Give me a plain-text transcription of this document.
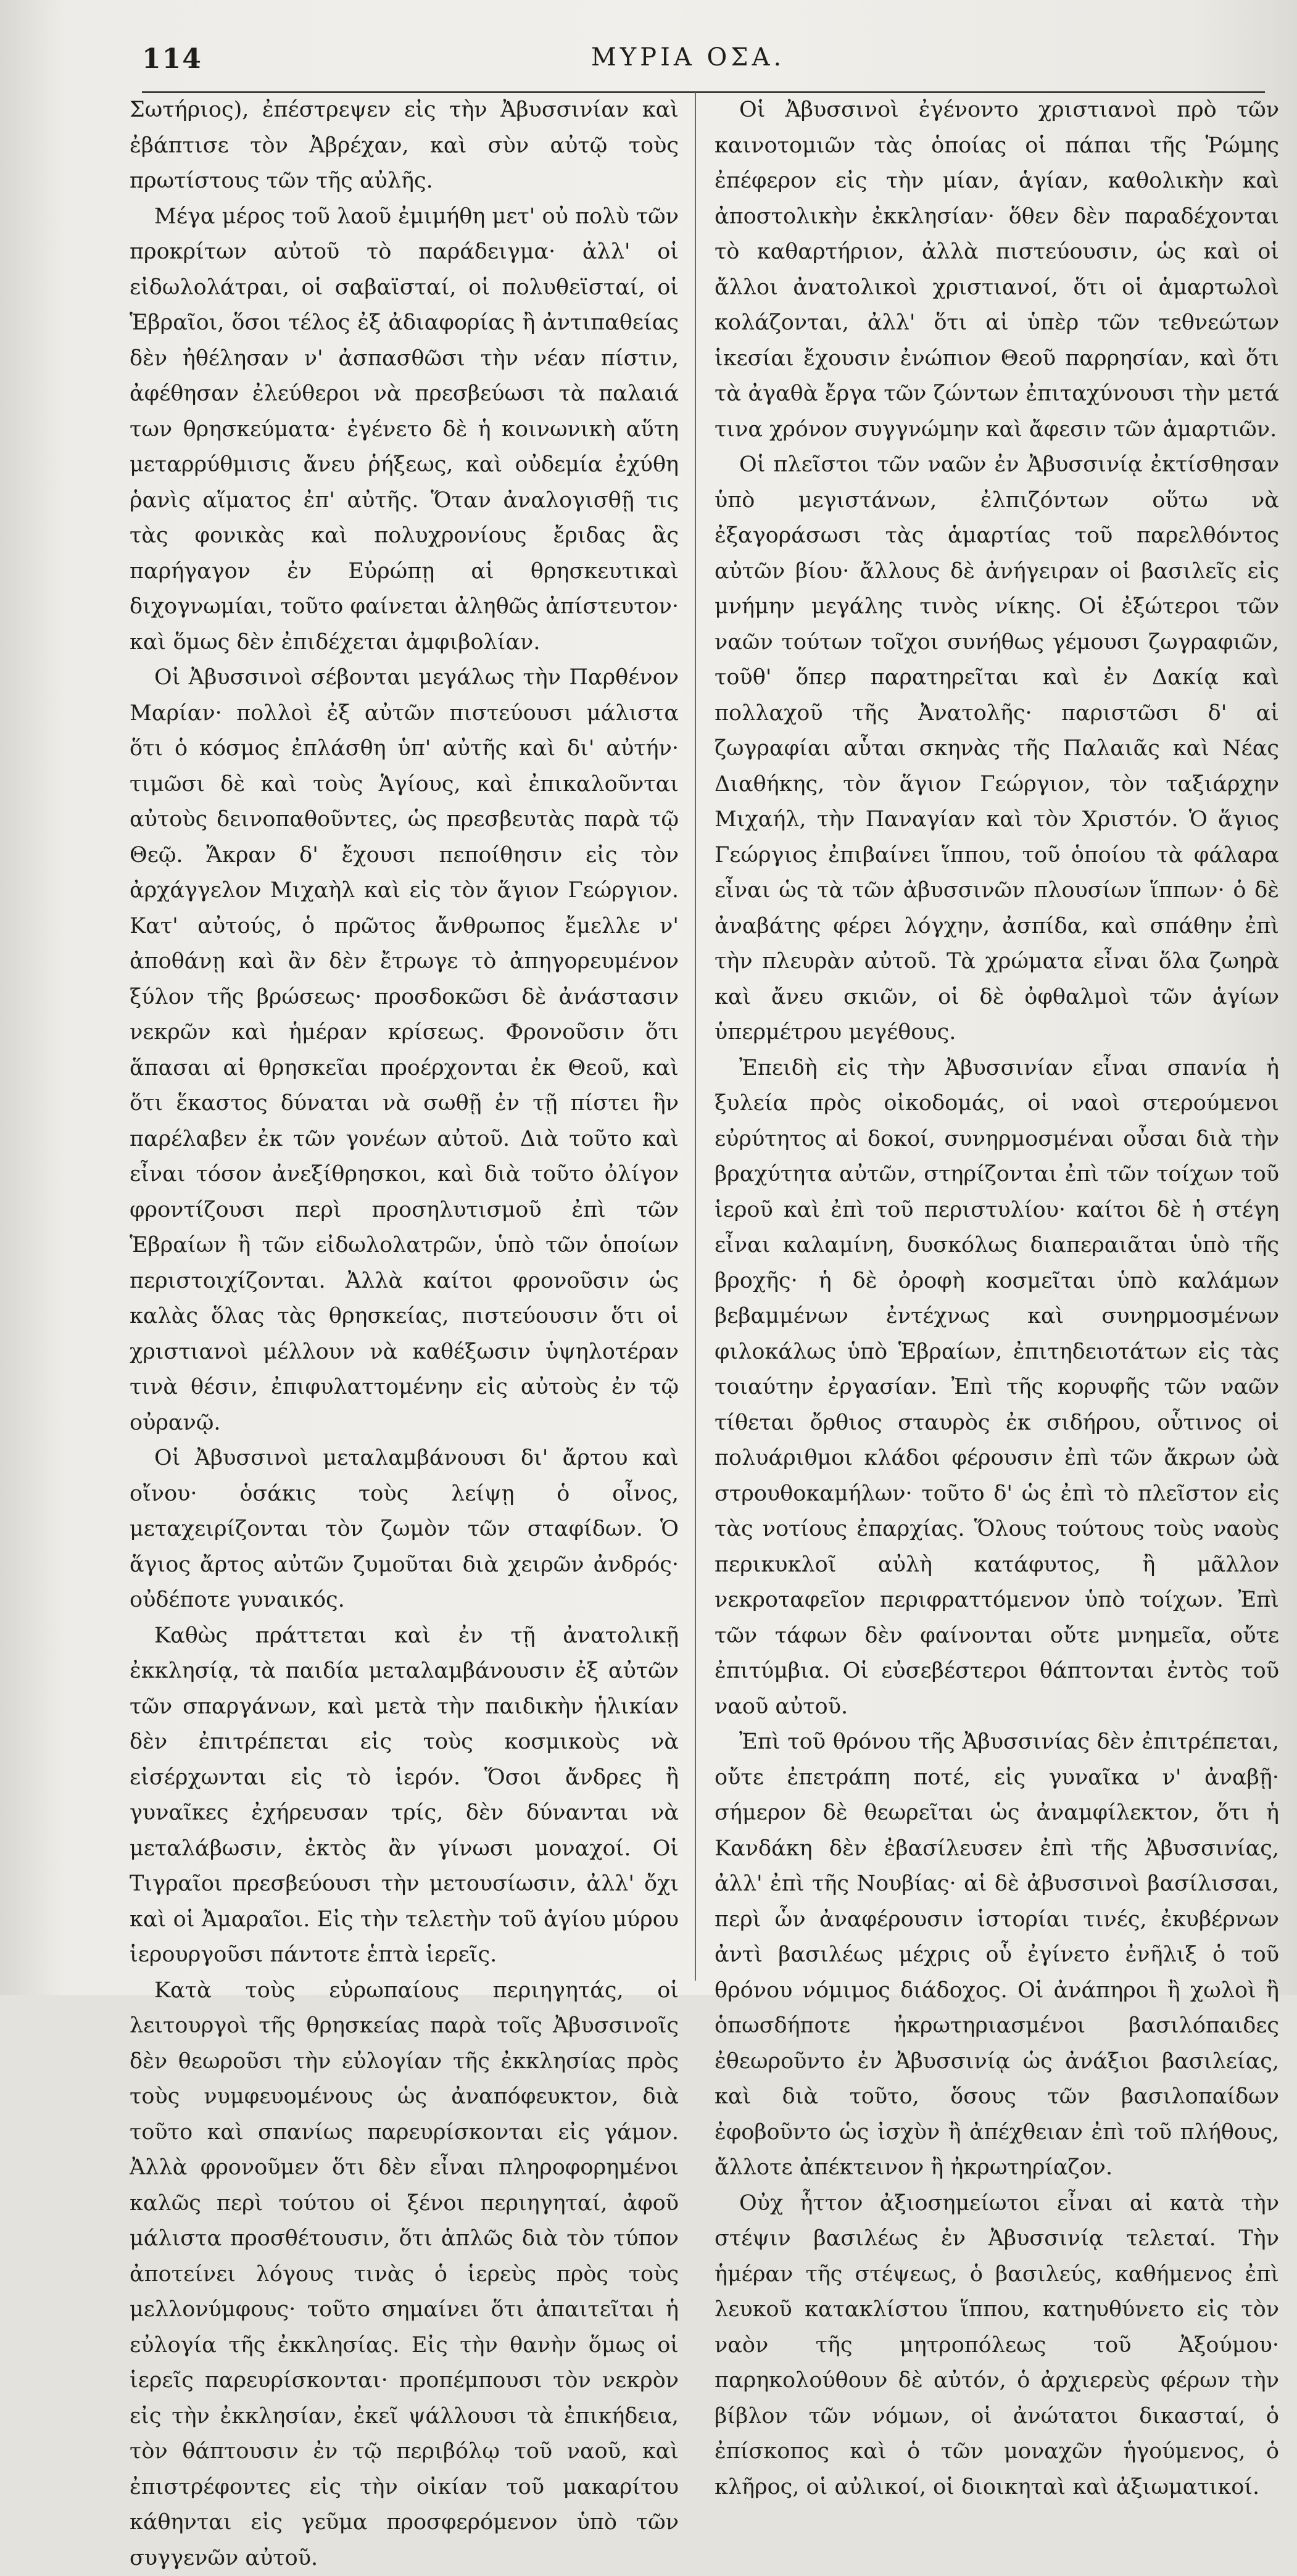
114	ΜΥΡΙΑ ΟΣΑ.

Σωτήριος), ἐπέστρεψεν εἰς τὴν Ἀβυσσινίαν καὶ ἐβάπτισε τὸν Ἀβρέχαν, καὶ σὺν αὐτῷ τοὺς πρωτίστους τῶν τῆς αὐλῆς.

Μέγα μέρος τοῦ λαοῦ ἐμιμήθη μετ' οὐ πολὺ τῶν προκρίτων αὐτοῦ τὸ παράδειγμα· ἀλλ' οἱ εἰδωλολάτραι, οἱ σαβαϊσταί, οἱ πολυθεϊσταί, οἱ Ἑβραῖοι, ὅσοι τέλος ἐξ ἀδιαφορίας ἢ ἀντιπαθείας δὲν ἠθέλησαν ν' ἀσπασθῶσι τὴν νέαν πίστιν, ἀφέθησαν ἐλεύθεροι νὰ πρεσβεύωσι τὰ παλαιά των θρησκεύματα· ἐγένετο δὲ ἡ κοινωνικὴ αὕτη μεταρρύθμισις ἄνευ ῥήξεως, καὶ οὐδεμία ἐχύθη ῥανὶς αἵματος ἐπ' αὐτῆς. Ὅταν ἀναλογισθῇ τις τὰς φονικὰς καὶ πολυχρονίους ἔριδας ἃς παρήγαγον ἐν Εὐρώπῃ αἱ θρησκευτικαὶ διχογνωμίαι, τοῦτο φαίνεται ἀληθῶς ἀπίστευτον· καὶ ὅμως δὲν ἐπιδέχεται ἀμφιβολίαν.

Οἱ Ἀβυσσινοὶ σέβονται μεγάλως τὴν Παρθένον Μαρίαν· πολλοὶ ἐξ αὐτῶν πιστεύουσι μάλιστα ὅτι ὁ κόσμος ἐπλάσθη ὑπ' αὐτῆς καὶ δι' αὐτήν· τιμῶσι δὲ καὶ τοὺς Ἁγίους, καὶ ἐπικαλοῦνται αὐτοὺς δεινοπαθοῦντες, ὡς πρεσβευτὰς παρὰ τῷ Θεῷ. Ἄκραν δ' ἔχουσι πεποίθησιν εἰς τὸν ἀρχάγγελον Μιχαὴλ καὶ εἰς τὸν ἅγιον Γεώργιον. Κατ' αὐτούς, ὁ πρῶτος ἄνθρωπος ἔμελλε ν' ἀποθάνῃ καὶ ἂν δὲν ἔτρωγε τὸ ἀπηγορευμένον ξύλον τῆς βρώσεως· προσδοκῶσι δὲ ἀνάστασιν νεκρῶν καὶ ἡμέραν κρίσεως. Φρονοῦσιν ὅτι ἅπασαι αἱ θρησκεῖαι προέρχονται ἐκ Θεοῦ, καὶ ὅτι ἕκαστος δύναται νὰ σωθῇ ἐν τῇ πίστει ἣν παρέλαβεν ἐκ τῶν γονέων αὐτοῦ. Διὰ τοῦτο καὶ εἶναι τόσον ἀνεξίθρησκοι, καὶ διὰ τοῦτο ὀλίγον φροντίζουσι περὶ προσηλυτισμοῦ ἐπὶ τῶν Ἑβραίων ἢ τῶν εἰδωλολατρῶν, ὑπὸ τῶν ὁποίων περιστοιχίζονται. Ἀλλὰ καίτοι φρονοῦσιν ὡς καλὰς ὅλας τὰς θρησκείας, πιστεύουσιν ὅτι οἱ χριστιανοὶ μέλλουν νὰ καθέξωσιν ὑψηλοτέραν τινὰ θέσιν, ἐπιφυλαττομένην εἰς αὐτοὺς ἐν τῷ οὐρανῷ.

Οἱ Ἀβυσσινοὶ μεταλαμβάνουσι δι' ἄρτου καὶ οἴνου· ὁσάκις τοὺς λείψῃ ὁ οἶνος, μεταχειρίζονται τὸν ζωμὸν τῶν σταφίδων. Ὁ ἅγιος ἄρτος αὐτῶν ζυμοῦται διὰ χειρῶν ἀνδρός· οὐδέποτε γυναικός.

Καθὼς πράττεται καὶ ἐν τῇ ἀνατολικῇ ἐκκλησίᾳ, τὰ παιδία μεταλαμβάνουσιν ἐξ αὐτῶν τῶν σπαργάνων, καὶ μετὰ τὴν παιδικὴν ἡλικίαν δὲν ἐπιτρέπεται εἰς τοὺς κοσμικοὺς νὰ εἰσέρχωνται εἰς τὸ ἱερόν. Ὅσοι ἄνδρες ἢ γυναῖκες ἐχήρευσαν τρίς, δὲν δύνανται νὰ μεταλάβωσιν, ἐκτὸς ἂν γίνωσι μοναχοί. Οἱ Τιγραῖοι πρεσβεύουσι τὴν μετουσίωσιν, ἀλλ' ὄχι καὶ οἱ Ἀμαραῖοι. Εἰς τὴν τελετὴν τοῦ ἁγίου μύρου ἱερουργοῦσι πάντοτε ἑπτὰ ἱερεῖς.

Κατὰ τοὺς εὐρωπαίους περιηγητάς, οἱ λειτουργοὶ τῆς θρησκείας παρὰ τοῖς Ἀβυσσινοῖς δὲν θεωροῦσι τὴν εὐλογίαν τῆς ἐκκλησίας πρὸς τοὺς νυμφευομένους ὡς ἀναπόφευκτον, διὰ τοῦτο καὶ σπανίως παρευρίσκονται εἰς γάμον. Ἀλλὰ φρονοῦμεν ὅτι δὲν εἶναι πληροφορημένοι καλῶς περὶ τούτου οἱ ξένοι περιηγηταί, ἀφοῦ μάλιστα προσθέτουσιν, ὅτι ἁπλῶς διὰ τὸν τύπον ἀποτείνει λόγους τινὰς ὁ ἱερεὺς πρὸς τοὺς μελλονύμφους· τοῦτο σημαίνει ὅτι ἀπαιτεῖται ἡ εὐλογία τῆς ἐκκλησίας. Εἰς τὴν θανὴν ὅμως οἱ ἱερεῖς παρευρίσκονται· προπέμπουσι τὸν νεκρὸν εἰς τὴν ἐκκλησίαν, ἐκεῖ ψάλλουσι τὰ ἐπικήδεια, τὸν θάπτουσιν ἐν τῷ περιβόλῳ τοῦ ναοῦ, καὶ ἐπιστρέφοντες εἰς τὴν οἰκίαν τοῦ μακαρίτου κάθηνται εἰς γεῦμα προσφερόμενον ὑπὸ τῶν συγγενῶν αὐτοῦ.

Οἱ Ἀβυσσινοὶ ἐγένοντο χριστιανοὶ πρὸ τῶν καινοτομιῶν τὰς ὁποίας οἱ πάπαι τῆς Ῥώμης ἐπέφερον εἰς τὴν μίαν, ἁγίαν, καθολικὴν καὶ ἀποστολικὴν ἐκκλησίαν· ὅθεν δὲν παραδέχονται τὸ καθαρτήριον, ἀλλὰ πιστεύουσιν, ὡς καὶ οἱ ἄλλοι ἀνατολικοὶ χριστιανοί, ὅτι οἱ ἁμαρτωλοὶ κολάζονται, ἀλλ' ὅτι αἱ ὑπὲρ τῶν τεθνεώτων ἱκεσίαι ἔχουσιν ἐνώπιον Θεοῦ παρρησίαν, καὶ ὅτι τὰ ἀγαθὰ ἔργα τῶν ζώντων ἐπιταχύνουσι τὴν μετά τινα χρόνον συγγνώμην καὶ ἄφεσιν τῶν ἁμαρτιῶν.

Οἱ πλεῖστοι τῶν ναῶν ἐν Ἀβυσσινίᾳ ἐκτίσθησαν ὑπὸ μεγιστάνων, ἐλπιζόντων οὕτω νὰ ἐξαγοράσωσι τὰς ἁμαρτίας τοῦ παρελθόντος αὐτῶν βίου· ἄλλους δὲ ἀνήγειραν οἱ βασιλεῖς εἰς μνήμην μεγάλης τινὸς νίκης. Οἱ ἐξώτεροι τῶν ναῶν τούτων τοῖχοι συνήθως γέμουσι ζωγραφιῶν, τοῦθ' ὅπερ παρατηρεῖται καὶ ἐν Δακίᾳ καὶ πολλαχοῦ τῆς Ἀνατολῆς· παριστῶσι δ' αἱ ζωγραφίαι αὗται σκηνὰς τῆς Παλαιᾶς καὶ Νέας Διαθήκης, τὸν ἅγιον Γεώργιον, τὸν ταξιάρχην Μιχαήλ, τὴν Παναγίαν καὶ τὸν Χριστόν. Ὁ ἅγιος Γεώργιος ἐπιβαίνει ἵππου, τοῦ ὁποίου τὰ φάλαρα εἶναι ὡς τὰ τῶν ἀβυσσινῶν πλουσίων ἵππων· ὁ δὲ ἀναβάτης φέρει λόγχην, ἀσπίδα, καὶ σπάθην ἐπὶ τὴν πλευρὰν αὐτοῦ. Τὰ χρώματα εἶναι ὅλα ζωηρὰ καὶ ἄνευ σκιῶν, οἱ δὲ ὀφθαλμοὶ τῶν ἁγίων ὑπερμέτρου μεγέθους.

Ἐπειδὴ εἰς τὴν Ἀβυσσινίαν εἶναι σπανία ἡ ξυλεία πρὸς οἰκοδομάς, οἱ ναοὶ στερούμενοι εὐρύτητος αἱ δοκοί, συνηρμοσμέναι οὖσαι διὰ τὴν βραχύτητα αὐτῶν, στηρίζονται ἐπὶ τῶν τοίχων τοῦ ἱεροῦ καὶ ἐπὶ τοῦ περιστυλίου· καίτοι δὲ ἡ στέγη εἶναι καλαμίνη, δυσκόλως διαπεραιᾶται ὑπὸ τῆς βροχῆς· ἡ δὲ ὀροφὴ κοσμεῖται ὑπὸ καλάμων βεβαμμένων ἐντέχνως καὶ συνηρμοσμένων φιλοκάλως ὑπὸ Ἑβραίων, ἐπιτηδειοτάτων εἰς τὰς τοιαύτην ἐργασίαν. Ἐπὶ τῆς κορυφῆς τῶν ναῶν τίθεται ὄρθιος σταυρὸς ἐκ σιδήρου, οὗτινος οἱ πολυάριθμοι κλάδοι φέρουσιν ἐπὶ τῶν ἄκρων ὠὰ στρουθοκαμήλων· τοῦτο δ' ὡς ἐπὶ τὸ πλεῖστον εἰς τὰς νοτίους ἐπαρχίας. Ὅλους τούτους τοὺς ναοὺς περικυκλοῖ αὐλὴ κατάφυτος, ἢ μᾶλλον νεκροταφεῖον περιφραττόμενον ὑπὸ τοίχων. Ἐπὶ τῶν τάφων δὲν φαίνονται οὔτε μνημεῖα, οὔτε ἐπιτύμβια. Οἱ εὐσεβέστεροι θάπτονται ἐντὸς τοῦ ναοῦ αὐτοῦ.

Ἐπὶ τοῦ θρόνου τῆς Ἀβυσσινίας δὲν ἐπιτρέπεται, οὔτε ἐπετράπη ποτέ, εἰς γυναῖκα ν' ἀναβῇ· σήμερον δὲ θεωρεῖται ὡς ἀναμφίλεκτον, ὅτι ἡ Κανδάκη δὲν ἐβασίλευσεν ἐπὶ τῆς Ἀβυσσινίας, ἀλλ' ἐπὶ τῆς Νουβίας· αἱ δὲ ἀβυσσινοὶ βασίλισσαι, περὶ ὧν ἀναφέρουσιν ἱστορίαι τινές, ἐκυβέρνων ἀντὶ βασιλέως μέχρις οὗ ἐγίνετο ἐνῆλιξ ὁ τοῦ θρόνου νόμιμος διάδοχος. Οἱ ἀνάπηροι ἢ χωλοὶ ἢ ὁπωσδήποτε ἠκρωτηριασμένοι βασιλόπαιδες ἐθεωροῦντο ἐν Ἀβυσσινίᾳ ὡς ἀνάξιοι βασιλείας, καὶ διὰ τοῦτο, ὅσους τῶν βασιλοπαίδων ἐφοβοῦντο ὡς ἰσχὺν ἢ ἀπέχθειαν ἐπὶ τοῦ πλήθους, ἄλλοτε ἀπέκτεινον ἢ ἠκρωτηρίαζον.

Οὐχ ἧττον ἀξιοσημείωτοι εἶναι αἱ κατὰ τὴν στέψιν βασιλέως ἐν Ἀβυσσινίᾳ τελεταί. Τὴν ἡμέραν τῆς στέψεως, ὁ βασιλεύς, καθήμενος ἐπὶ λευκοῦ κατακλίστου ἵππου, κατηυθύνετο εἰς τὸν ναὸν τῆς μητροπόλεως τοῦ Ἀξούμου· παρηκολούθουν δὲ αὐτόν, ὁ ἀρχιερεὺς φέρων τὴν βίβλον τῶν νόμων, οἱ ἀνώτατοι δικασταί, ὁ ἐπίσκοπος καὶ ὁ τῶν μοναχῶν ἡγούμενος, ὁ κλῆρος, οἱ αὐλικοί, οἱ διοικηταὶ καὶ ἀξιωματικοί.
